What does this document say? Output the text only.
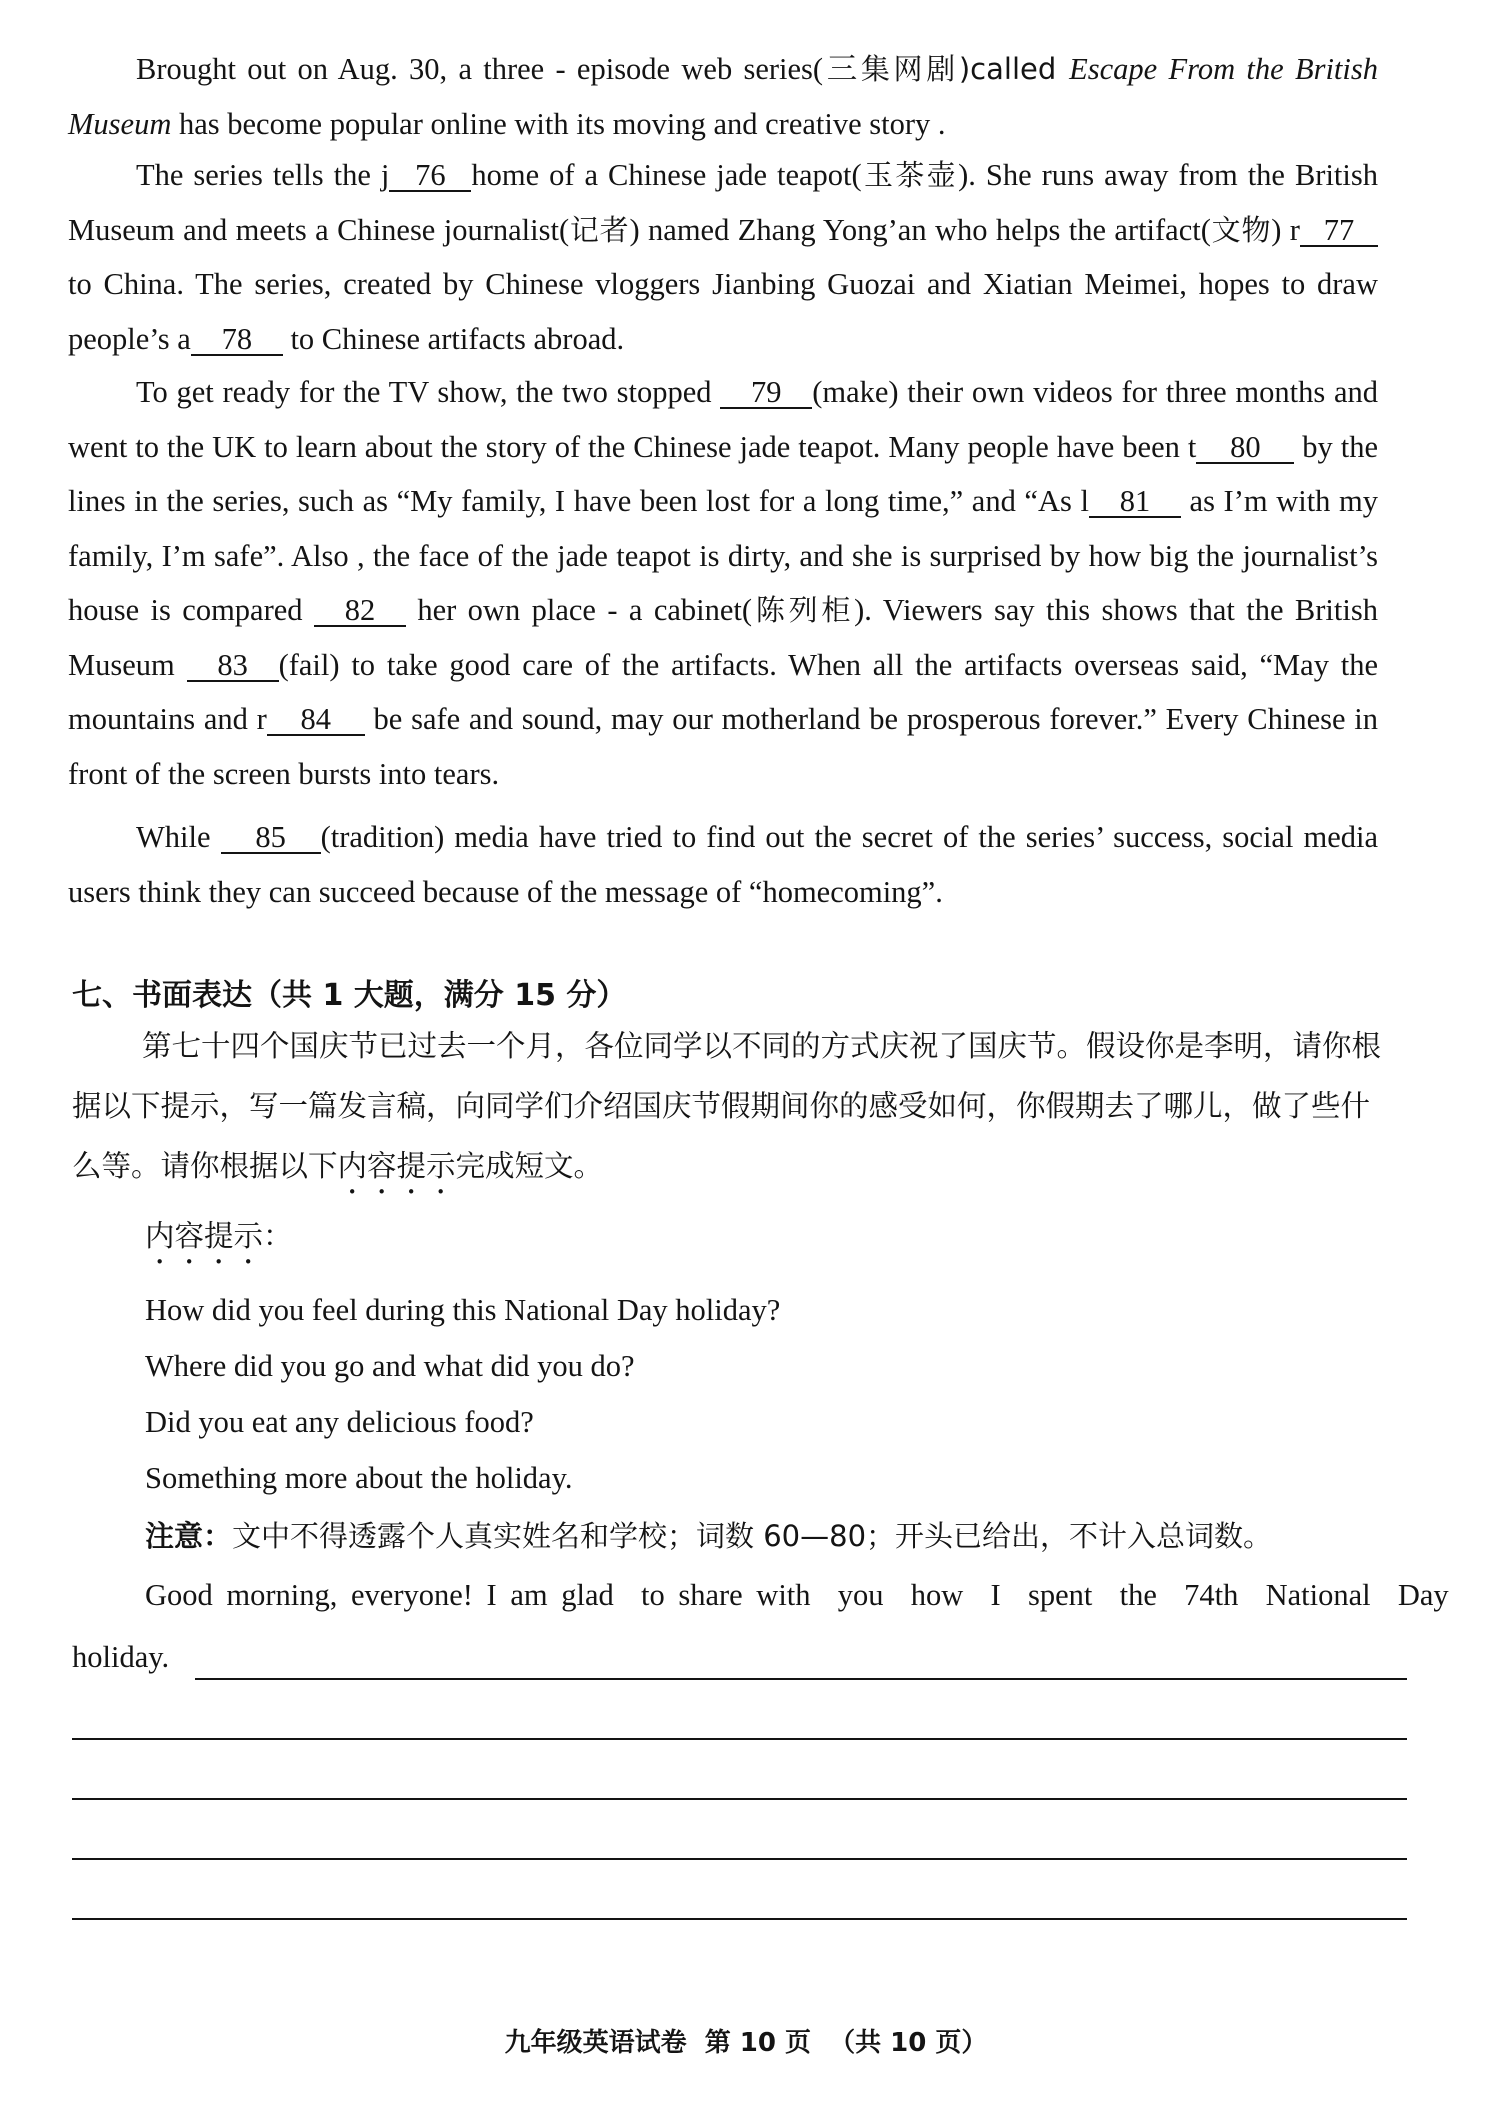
Brought out on Aug. 30, a three - episode web series(三集网剧)called Escape From the British Museum has become popular online with its moving and creative story .
The series tells the j 76 home of a Chinese jade teapot(玉茶壶). She runs away from the British Museum and meets a Chinese journalist(记者) named Zhang Yong’an who helps the artifact(文物) r 77 to China. The series, created by Chinese vloggers Jianbing Guozai and Xiatian Meimei, hopes to draw people’s a 78 to Chinese artifacts abroad.
To get ready for the TV show, the two stopped 79 (make) their own videos for three months and went to the UK to learn about the story of the Chinese jade teapot. Many people have been t 80 by the lines in the series, such as “My family, I have been lost for a long time,” and “As l 81 as I’m with my family, I’m safe”. Also , the face of the jade teapot is dirty, and she is surprised by how big the journalist’s house is compared 82 her own place - a cabinet(陈列柜). Viewers say this shows that the British Museum 83 (fail) to take good care of the artifacts. When all the artifacts overseas said, “May the mountains and r 84 be safe and sound, may our motherland be prosperous forever.” Every Chinese in front of the screen bursts into tears.
While 85 (tradition) media have tried to find out the secret of the series’ success, social media users think they can succeed because of the message of “homecoming”.
七、书面表达（共 1 大题，满分 15 分）
第七十四个国庆节已过去一个月，各位同学以不同的方式庆祝了国庆节。假设你是李明，请你根据以下提示，写一篇发言稿，向同学们介绍国庆节假期间你的感受如何，你假期去了哪儿，做了些什么等。请你根据以下内容提示完成短文。
内容提示：
How did you feel during this National Day holiday?
Where did you go and what did you do?
Did you eat any delicious food?
Something more about the holiday.
注意：文中不得透露个人真实姓名和学校；词数 60—80；开头已给出，不计入总词数。
Good morning, everyone! I am glad  to share with  you  how  I  spent  the  74th  National  Day
holiday.
九年级英语试卷  第 10 页  （共 10 页）
